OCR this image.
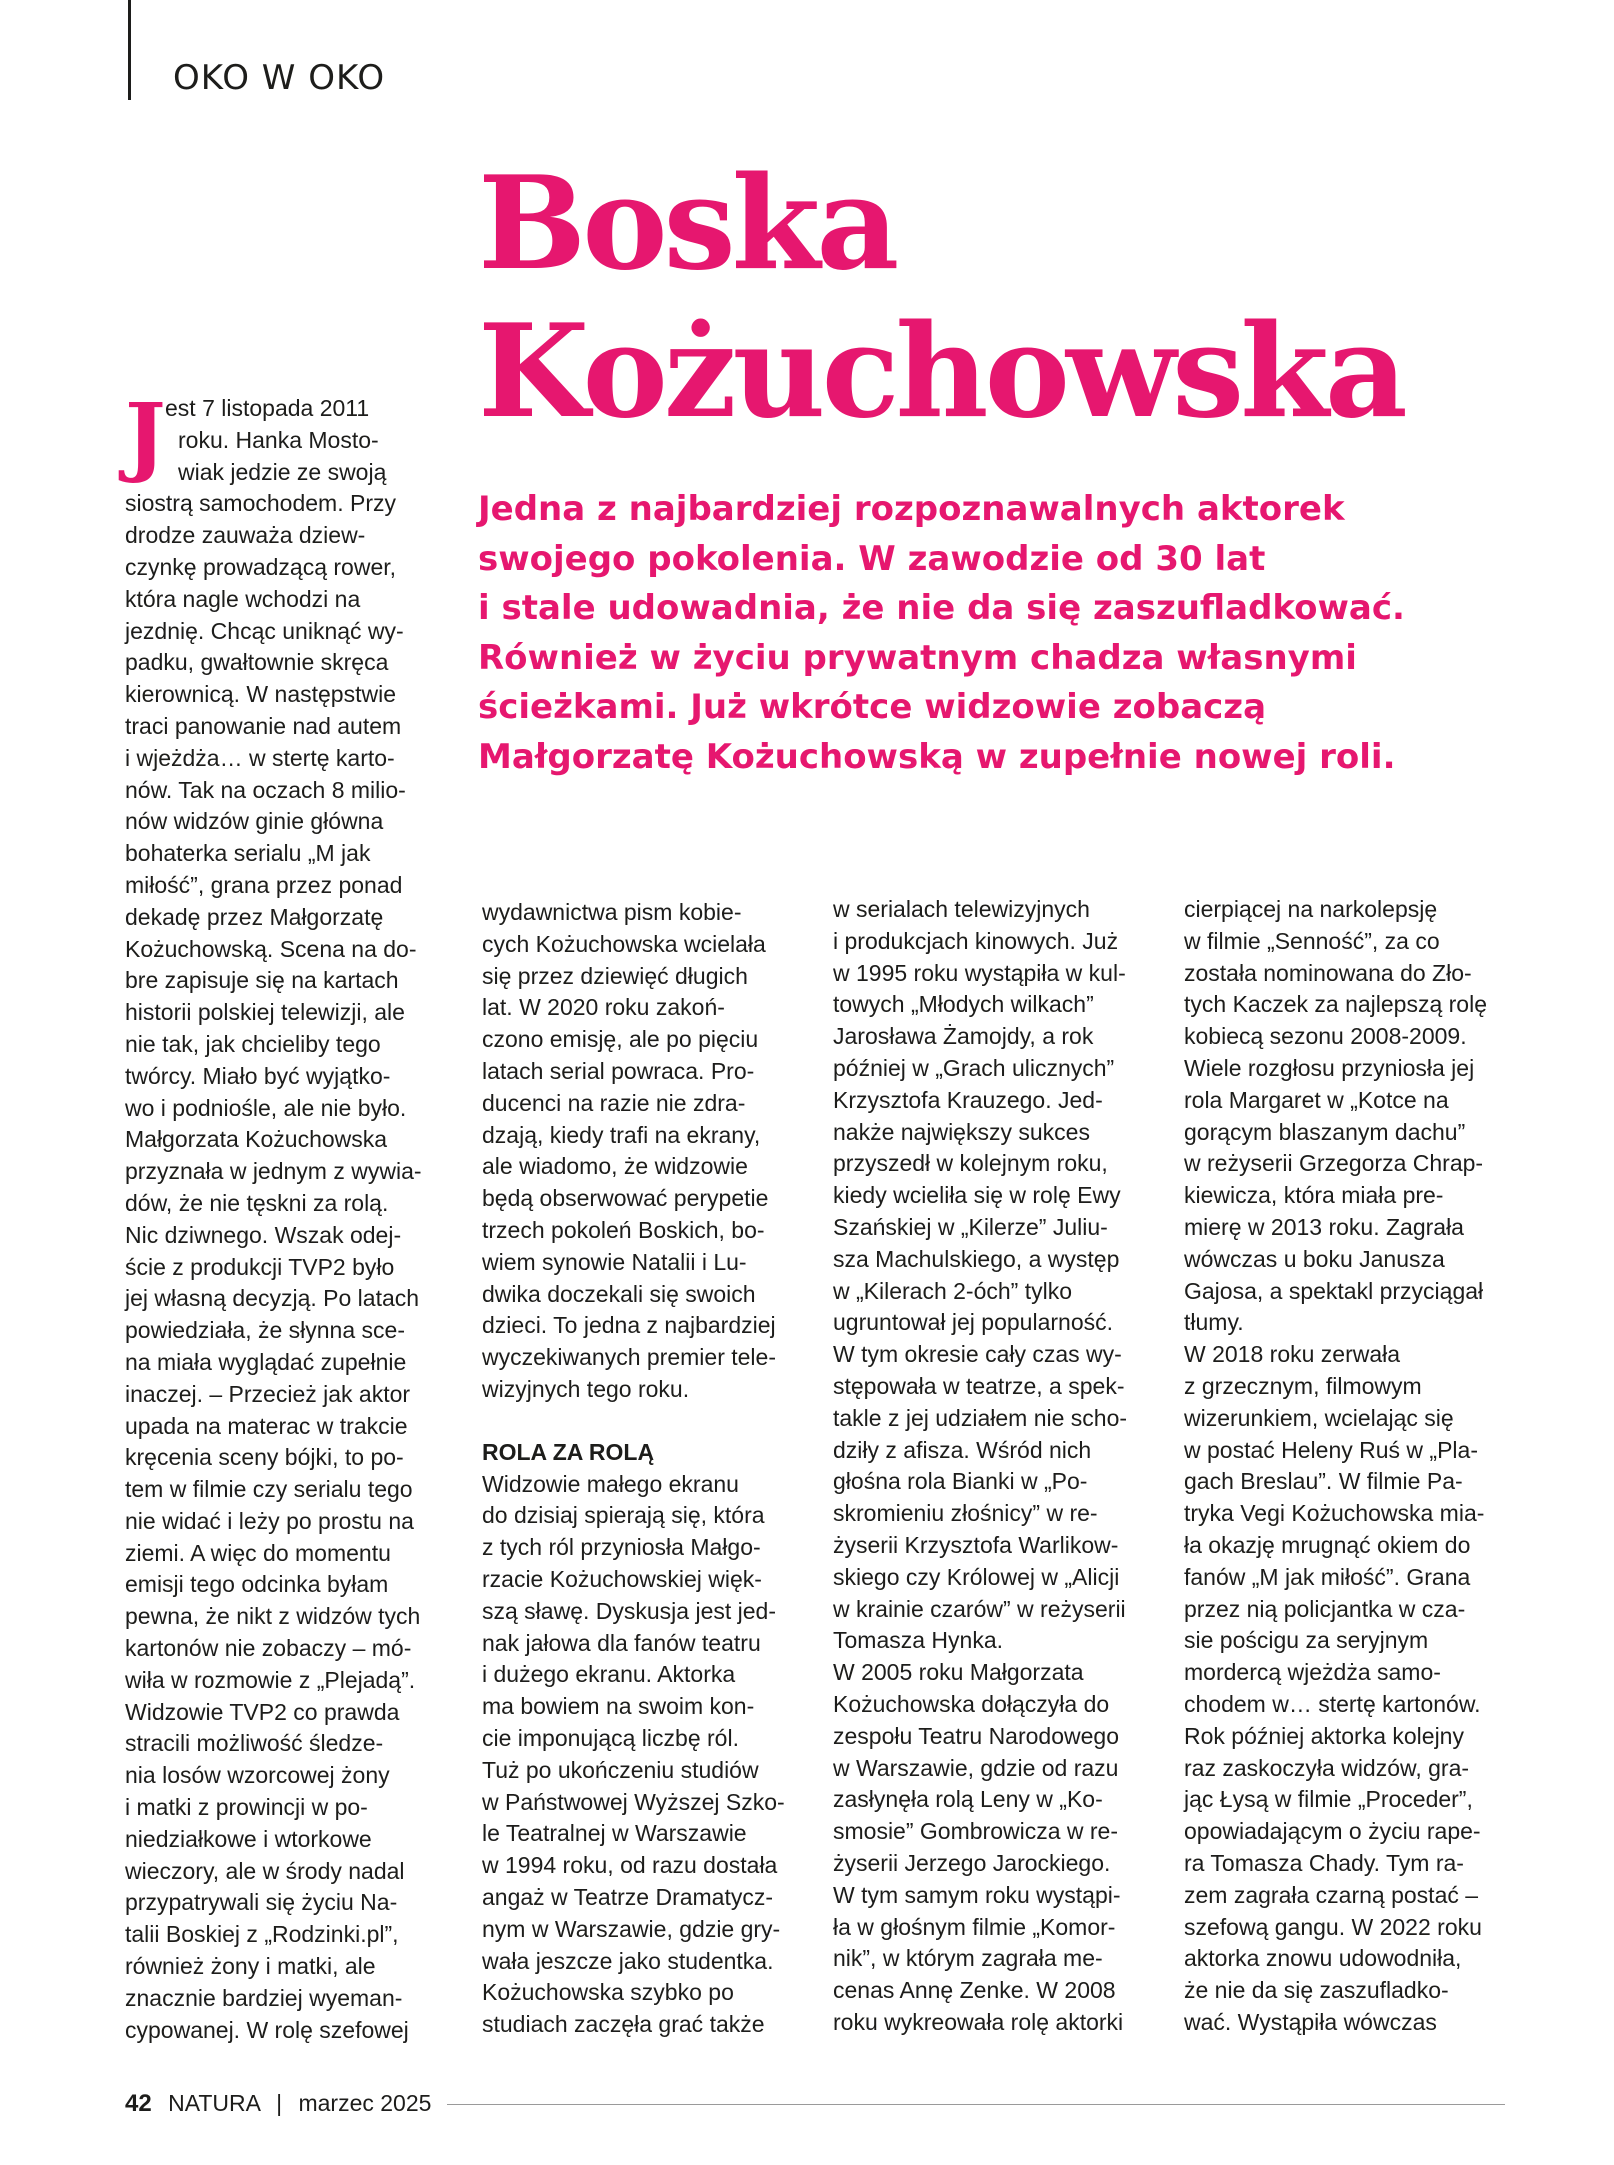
OKO W OKO
Boska
Kożuchowska
Jedna z najbardziej rozpoznawalnych aktorek
swojego pokolenia. W zawodzie od 30 lat
i stale udowadnia, że nie da się zaszufladkować.
Również w życiu prywatnym chadza własnymi
ścieżkami. Już wkrótce widzowie zobaczą
Małgorzatę Kożuchowską w zupełnie nowej roli.
J est 7 listopada 2011
roku. Hanka Mosto-
wiak jedzie ze swoją
siostrą samochodem. Przy
drodze zauważa dziew-
czynkę prowadzącą rower,
która nagle wchodzi na
jezdnię. Chcąc uniknąć wy-
padku, gwałtownie skręca
kierownicą. W następstwie
traci panowanie nad autem
i wjeżdża… w stertę karto-
nów. Tak na oczach 8 milio-
nów widzów ginie główna
bohaterka serialu „M jak
miłość”, grana przez ponad
dekadę przez Małgorzatę
Kożuchowską. Scena na do-
bre zapisuje się na kartach
historii polskiej telewizji, ale
nie tak, jak chcieliby tego
twórcy. Miało być wyjątko-
wo i podniośle, ale nie było.
Małgorzata Kożuchowska
przyznała w jednym z wywia-
dów, że nie tęskni za rolą.
Nic dziwnego. Wszak odej-
ście z produkcji TVP2 było
jej własną decyzją. Po latach
powiedziała, że słynna sce-
na miała wyglądać zupełnie
inaczej. – Przecież jak aktor
upada na materac w trakcie
kręcenia sceny bójki, to po-
tem w filmie czy serialu tego
nie widać i leży po prostu na
ziemi. A więc do momentu
emisji tego odcinka byłam
pewna, że nikt z widzów tych
kartonów nie zobaczy – mó-
wiła w rozmowie z „Plejadą”.
Widzowie TVP2 co prawda
stracili możliwość śledze-
nia losów wzorcowej żony
i matki z prowincji w po-
niedziałkowe i wtorkowe
wieczory, ale w środy nadal
przypatrywali się życiu Na-
talii Boskiej z „Rodzinki.pl”,
również żony i matki, ale
znacznie bardziej wyeman-
cypowanej. W rolę szefowej
wydawnictwa pism kobie-
cych Kożuchowska wcielała
się przez dziewięć długich
lat. W 2020 roku zakoń-
czono emisję, ale po pięciu
latach serial powraca. Pro-
ducenci na razie nie zdra-
dzają, kiedy trafi na ekrany,
ale wiadomo, że widzowie
będą obserwować perypetie
trzech pokoleń Boskich, bo-
wiem synowie Natalii i Lu-
dwika doczekali się swoich
dzieci. To jedna z najbardziej
wyczekiwanych premier tele-
wizyjnych tego roku.
ROLA ZA ROLĄ
Widzowie małego ekranu
do dzisiaj spierają się, która
z tych ról przyniosła Małgo-
rzacie Kożuchowskiej więk-
szą sławę. Dyskusja jest jed-
nak jałowa dla fanów teatru
i dużego ekranu. Aktorka
ma bowiem na swoim kon-
cie imponującą liczbę ról.
Tuż po ukończeniu studiów
w Państwowej Wyższej Szko-
le Teatralnej w Warszawie
w 1994 roku, od razu dostała
angaż w Teatrze Dramatycz-
nym w Warszawie, gdzie gry-
wała jeszcze jako studentka.
Kożuchowska szybko po
studiach zaczęła grać także
w serialach telewizyjnych
i produkcjach kinowych. Już
w 1995 roku wystąpiła w kul-
towych „Młodych wilkach”
Jarosława Żamojdy, a rok
później w „Grach ulicznych”
Krzysztofa Krauzego. Jed-
nakże największy sukces
przyszedł w kolejnym roku,
kiedy wcieliła się w rolę Ewy
Szańskiej w „Kilerze” Juliu-
sza Machulskiego, a występ
w „Kilerach 2-óch” tylko
ugruntował jej popularność.
W tym okresie cały czas wy-
stępowała w teatrze, a spek-
takle z jej udziałem nie scho-
dziły z afisza. Wśród nich
głośna rola Bianki w „Po-
skromieniu złośnicy” w re-
żyserii Krzysztofa Warlikow-
skiego czy Królowej w „Alicji
w krainie czarów” w reżyserii
Tomasza Hynka.
W 2005 roku Małgorzata
Kożuchowska dołączyła do
zespołu Teatru Narodowego
w Warszawie, gdzie od razu
zasłynęła rolą Leny w „Ko-
smosie” Gombrowicza w re-
żyserii Jerzego Jarockiego.
W tym samym roku wystąpi-
ła w głośnym filmie „Komor-
nik”, w którym zagrała me-
cenas Annę Zenke. W 2008
roku wykreowała rolę aktorki
cierpiącej na narkolepsję
w filmie „Senność”, za co
została nominowana do Zło-
tych Kaczek za najlepszą rolę
kobiecą sezonu 2008-2009.
Wiele rozgłosu przyniosła jej
rola Margaret w „Kotce na
gorącym blaszanym dachu”
w reżyserii Grzegorza Chrap-
kiewicza, która miała pre-
mierę w 2013 roku. Zagrała
wówczas u boku Janusza
Gajosa, a spektakl przyciągał
tłumy.
W 2018 roku zerwała
z grzecznym, filmowym
wizerunkiem, wcielając się
w postać Heleny Ruś w „Pla-
gach Breslau”. W filmie Pa-
tryka Vegi Kożuchowska mia-
ła okazję mrugnąć okiem do
fanów „M jak miłość”. Grana
przez nią policjantka w cza-
sie pościgu za seryjnym
mordercą wjeżdża samo-
chodem w… stertę kartonów.
Rok później aktorka kolejny
raz zaskoczyła widzów, gra-
jąc Łysą w filmie „Proceder”,
opowiadającym o życiu rape-
ra Tomasza Chady. Tym ra-
zem zagrała czarną postać –
szefową gangu. W 2022 roku
aktorka znowu udowodniła,
że nie da się zaszufladko-
wać. Wystąpiła wówczas
42 NATURA | marzec 2025
